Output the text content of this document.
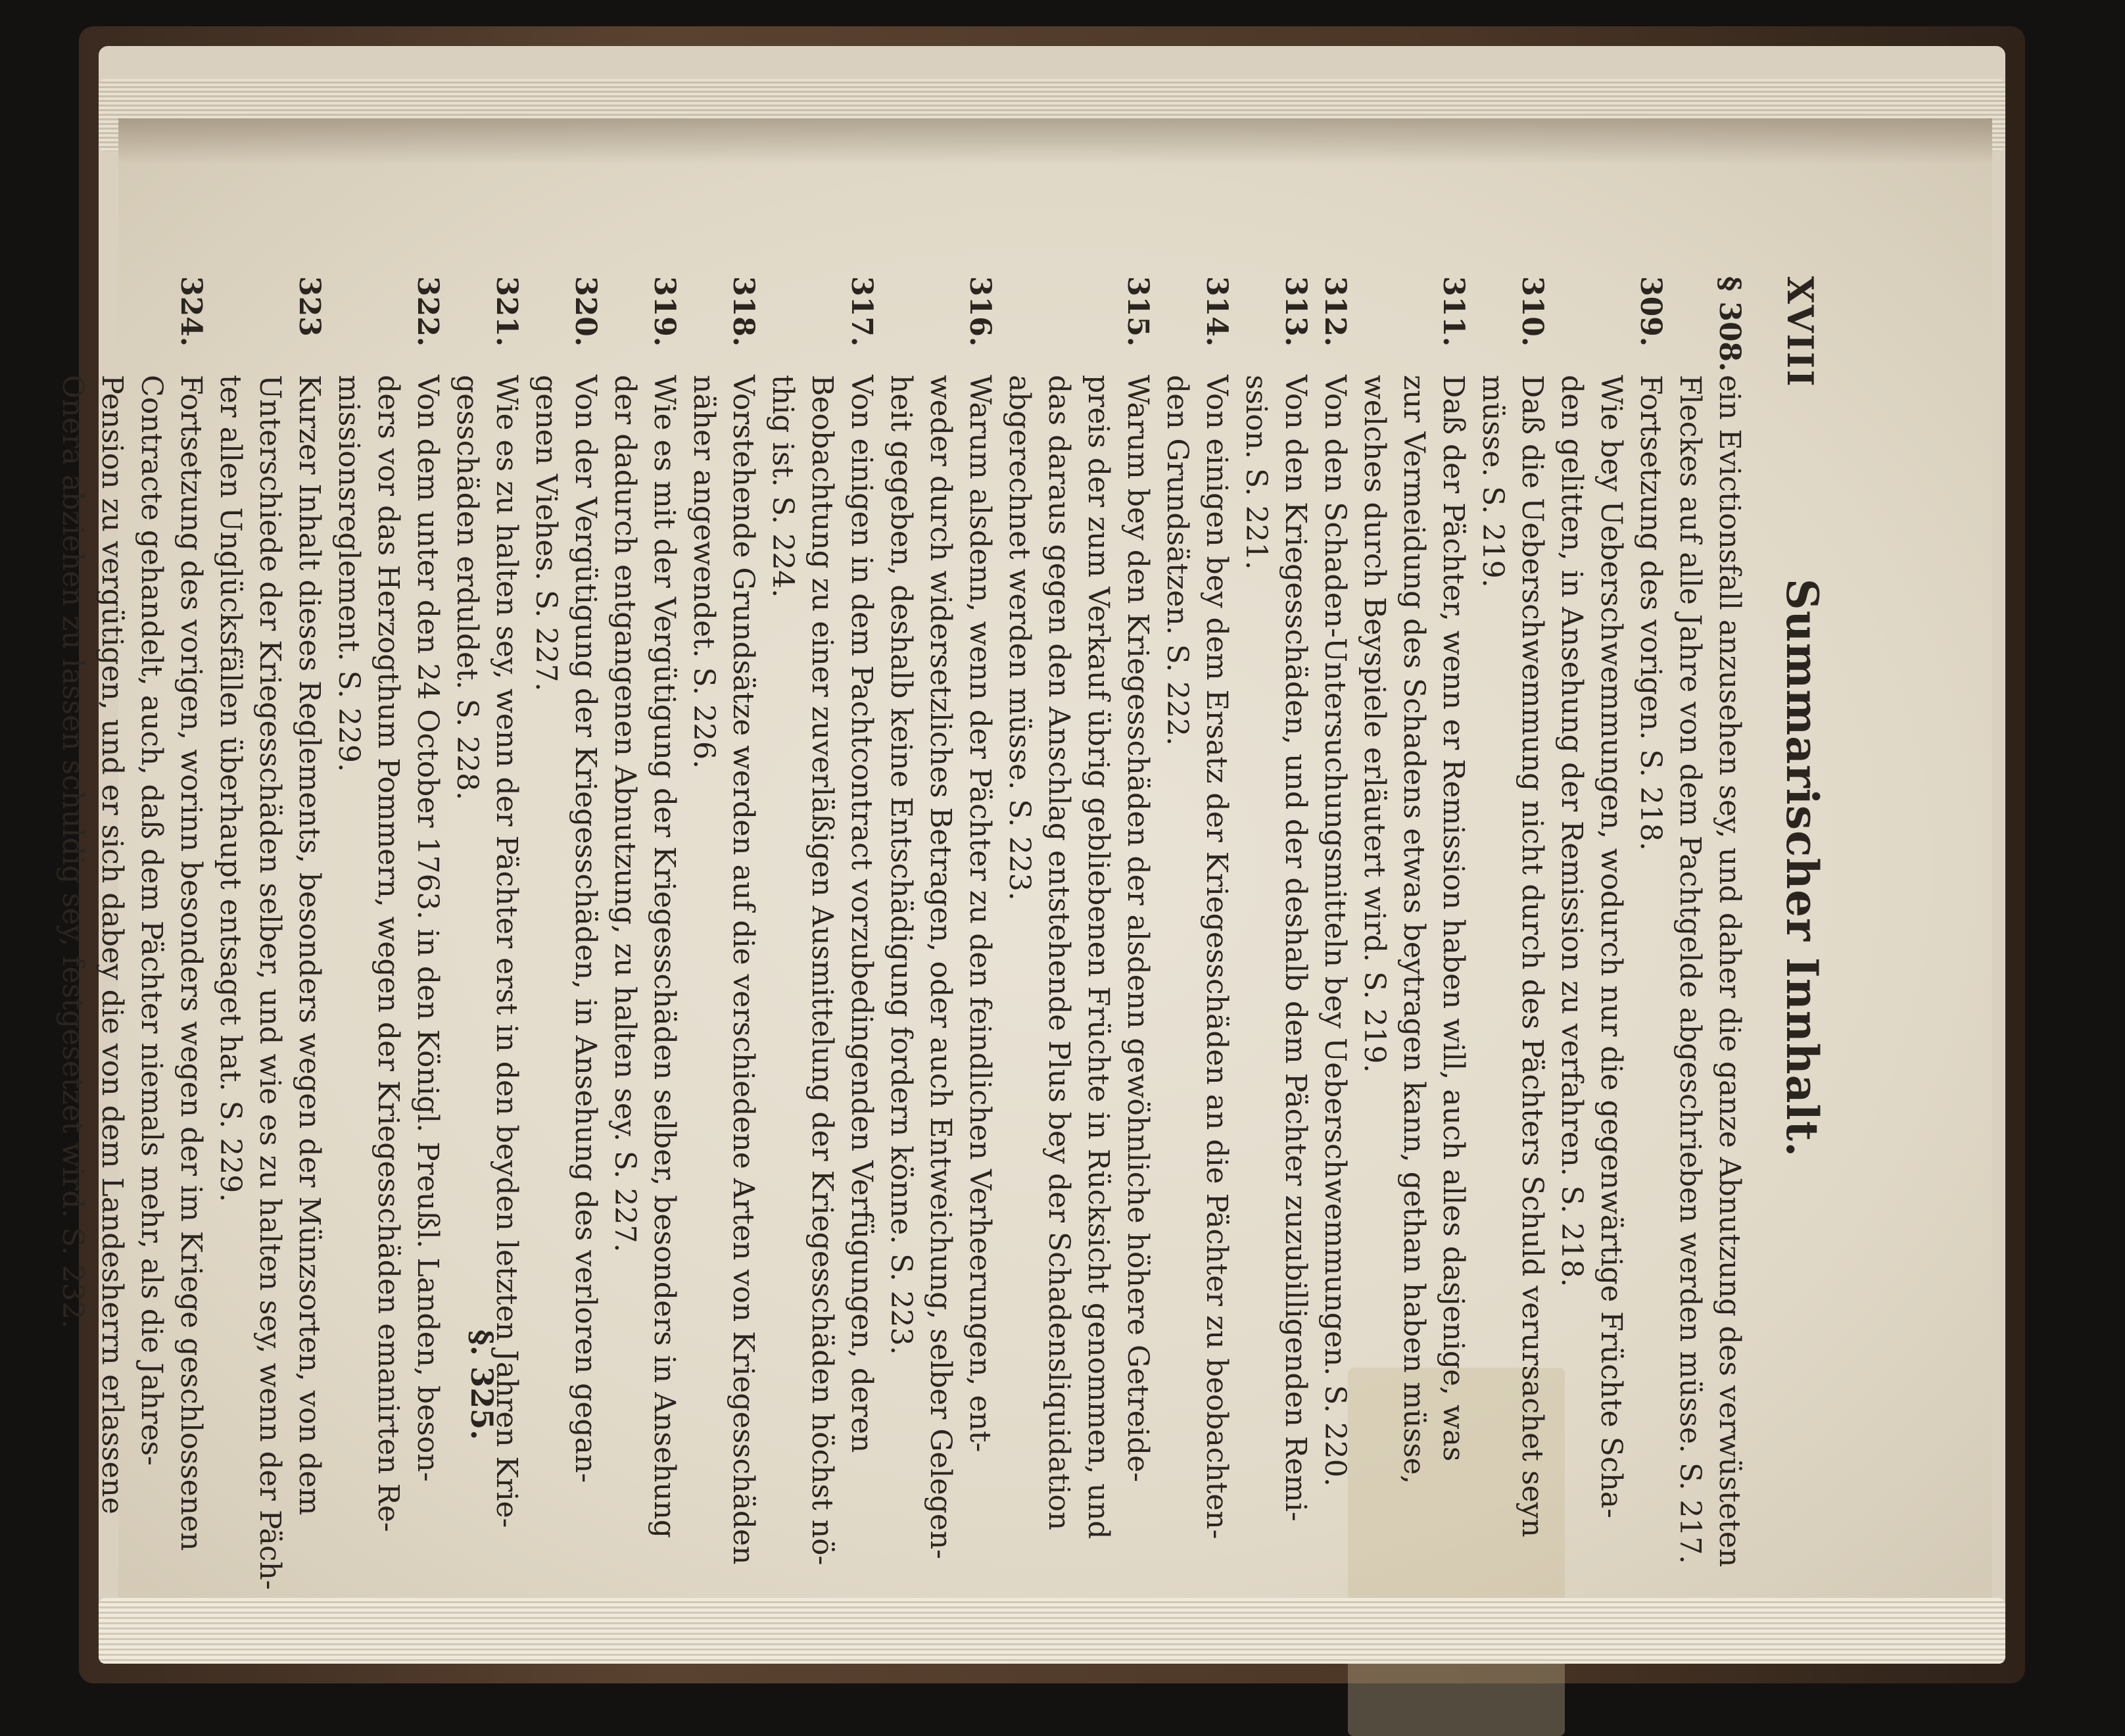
XVIII
Summarischer Innhalt.

§ 308.
ein Evictionsfall anzusehen sey, und daher die ganze Abnutzung des verwüsteten
Fleckes auf alle Jahre von dem Pachtgelde abgeschrieben werden müsse. S. 217.

309.
Fortsetzung des vorigen. S. 218.
Wie bey Ueberschwemmungen, wodurch nur die gegenwärtige Früchte Scha-
den gelitten, in Ansehung der Remission zu verfahren. S. 218.

310.
Daß die Ueberschwemmung nicht durch des Pächters Schuld verursachet seyn
müsse. S. 219.

311.
Daß der Pächter, wenn er Remission haben will, auch alles dasjenige, was
zur Vermeidung des Schadens etwas beytragen kann, gethan haben müsse,
welches durch Beyspiele erläutert wird. S. 219.

312.
Von den Schaden-Untersuchungsmitteln bey Ueberschwemmungen. S. 220.

313.
Von den Kriegesschäden, und der deshalb dem Pächter zuzubilligenden Remi-
ssion. S. 221.

314.
Von einigen bey dem Ersatz der Kriegesschäden an die Pächter zu beobachten-
den Grundsätzen. S. 222.

315.
Warum bey den Kriegesschäden der alsdenn gewöhnliche höhere Getreide-
preis der zum Verkauf übrig gebliebenen Früchte in Rücksicht genommen, und
das daraus gegen den Anschlag entstehende Plus bey der Schadensliquidation
abgerechnet werden müsse. S. 223.

316.
Warum alsdenn, wenn der Pächter zu den feindlichen Verheerungen, ent-
weder durch widersetzliches Betragen, oder auch Entweichung, selber Gelegen-
heit gegeben, deshalb keine Entschädigung fordern könne. S. 223.

317.
Von einigen in dem Pachtcontract vorzubedingenden Verfügungen, deren
Beobachtung zu einer zuverläßigen Ausmittelung der Kriegesschäden höchst nö-
thig ist. S. 224.

318.
Vorstehende Grundsätze werden auf die verschiedene Arten von Kriegesschäden
näher angewendet. S. 226.

319.
Wie es mit der Vergütigung der Kriegesschäden selber, besonders in Ansehung
der dadurch entgangenen Abnutzung, zu halten sey. S. 227.

320.
Von der Vergütigung der Kriegesschäden, in Ansehung des verloren gegan-
genen Viehes. S. 227.

321.
Wie es zu halten sey, wenn der Pächter erst in den beyden letzten Jahren Krie-
gesschäden erduldet. S. 228.

322.
Von dem unter den 24 October 1763. in den Königl. Preußl. Landen, beson-
ders vor das Herzogthum Pommern, wegen der Kriegesschäden emanirten Re-
missionsreglement. S. 229.

323
Kurzer Inhalt dieses Reglements, besonders wegen der Münzsorten, von dem
Unterschiede der Kriegesschäden selber, und wie es zu halten sey, wenn der Päch-
ter allen Unglücksfällen überhaupt entsaget hat. S. 229.

324.
Fortsetzung des vorigen, worinn besonders wegen der im Kriege geschlossenen
Contracte gehandelt, auch, daß dem Pächter niemals mehr, als die Jahres-
Pension zu vergütigen, und er sich dabey die von dem Landesherrn erlassene
Onera abziehen zu lassen schuldig sey, festgesetzet wird. S. 232.

§. 325.
